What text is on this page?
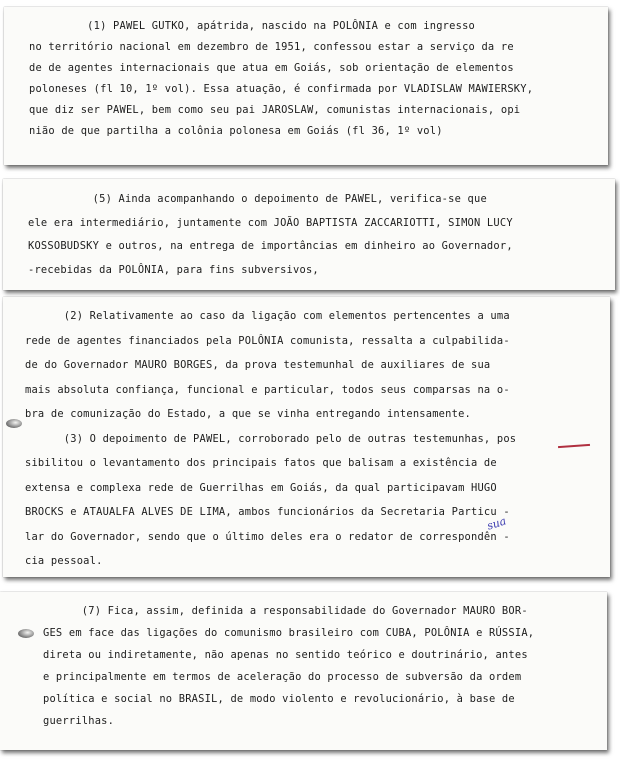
(1) PAWEL GUTKO, apátrida, nascido na POLÔNIA e com ingresso

no território nacional em dezembro de 1951, confessou estar a serviço da re

de de agentes internacionais que atua em Goiás, sob orientação de elementos

poloneses (fl 10, 1º vol). Essa atuação, é confirmada por VLADISLAW MAWIERSKY,

que diz ser PAWEL, bem como seu pai JAROSLAW, comunistas internacionais, opi

nião de que partilha a colônia polonesa em Goiás (fl 36, 1º vol)

(5) Ainda acompanhando o depoimento de PAWEL, verifica-se que

ele era intermediário, juntamente com JOÃO BAPTISTA ZACCARIOTTI, SIMON LUCY

KOSSOBUDSKY e outros, na entrega de importâncias em dinheiro ao Governador,

-recebidas da POLÔNIA, para fins subversivos,

(2) Relativamente ao caso da ligação com elementos pertencentes a uma

rede de agentes financiados pela POLÔNIA comunista, ressalta a culpabilida-

de do Governador MAURO BORGES, da prova testemunhal de auxiliares de sua

mais absoluta confiança, funcional e particular, todos seus comparsas na o-

bra de comunização do Estado, a que se vinha entregando intensamente.

(3) O depoimento de PAWEL, corroborado pelo de outras testemunhas, pos

sibilitou o levantamento dos principais fatos que balisam a existência de

extensa e complexa rede de Guerrilhas em Goiás, da qual participavam HUGO

BROCKS e ATAUALFA ALVES DE LIMA, ambos funcionários da Secretaria Particu -

lar do Governador, sendo que o último deles era o redator de correspondên -

cia pessoal.

sua

(7) Fica, assim, definida a responsabilidade do Governador MAURO BOR-

GES em face das ligações do comunismo brasileiro com CUBA, POLÔNIA e RÚSSIA,

direta ou indiretamente, não apenas no sentido teórico e doutrinário, antes

e principalmente em termos de aceleração do processo de subversão da ordem

política e social no BRASIL, de modo violento e revolucionário, à base de

guerrilhas.
